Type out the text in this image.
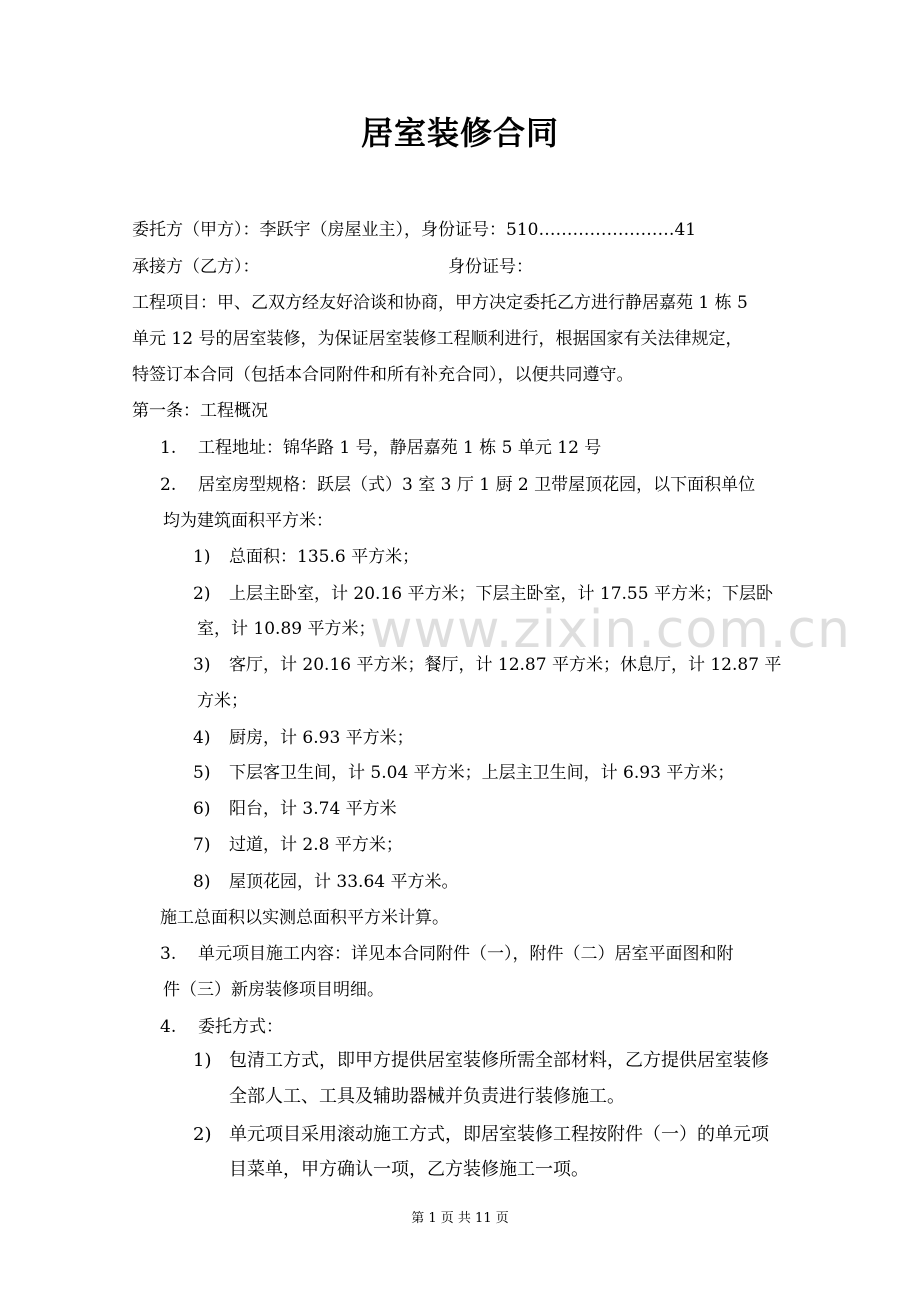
居室装修合同
委托方（甲方）：李跃宇（房屋业主），身份证号：510……………………41
承接方（乙方）：	身份证号：
工程项目：甲、乙双方经友好洽谈和协商，甲方决定委托乙方进行静居嘉苑 1 栋 5
单元 12 号的居室装修，为保证居室装修工程顺利进行，根据国家有关法律规定，
特签订本合同（包括本合同附件和所有补充合同），以便共同遵守。
第一条：工程概况
1. 工程地址：锦华路 1 号，静居嘉苑 1 栋 5 单元 12 号
2. 居室房型规格：跃层（式）3 室 3 厅 1 厨 2 卫带屋顶花园，以下面积单位
均为建筑面积平方米：
1) 总面积：135.6 平方米；
2) 上层主卧室，计 20.16 平方米；下层主卧室，计 17.55 平方米；下层卧
室，计 10.89 平方米；
3) 客厅，计 20.16 平方米；餐厅，计 12.87 平方米；休息厅，计 12.87 平
方米；
4) 厨房，计 6.93 平方米；
5) 下层客卫生间，计 5.04 平方米；上层主卫生间，计 6.93 平方米；
6) 阳台，计 3.74 平方米
7) 过道，计 2.8 平方米；
8) 屋顶花园，计 33.64 平方米。
施工总面积以实测总面积平方米计算。
3. 单元项目施工内容：详见本合同附件（一），附件（二）居室平面图和附
件（三）新房装修项目明细。
4. 委托方式：
1) 包清工方式，即甲方提供居室装修所需全部材料，乙方提供居室装修
全部人工、工具及辅助器械并负责进行装修施工。
2) 单元项目采用滚动施工方式，即居室装修工程按附件（一）的单元项
目菜单，甲方确认一项，乙方装修施工一项。
www.zixin.com.cn
第 1 页 共 11 页
